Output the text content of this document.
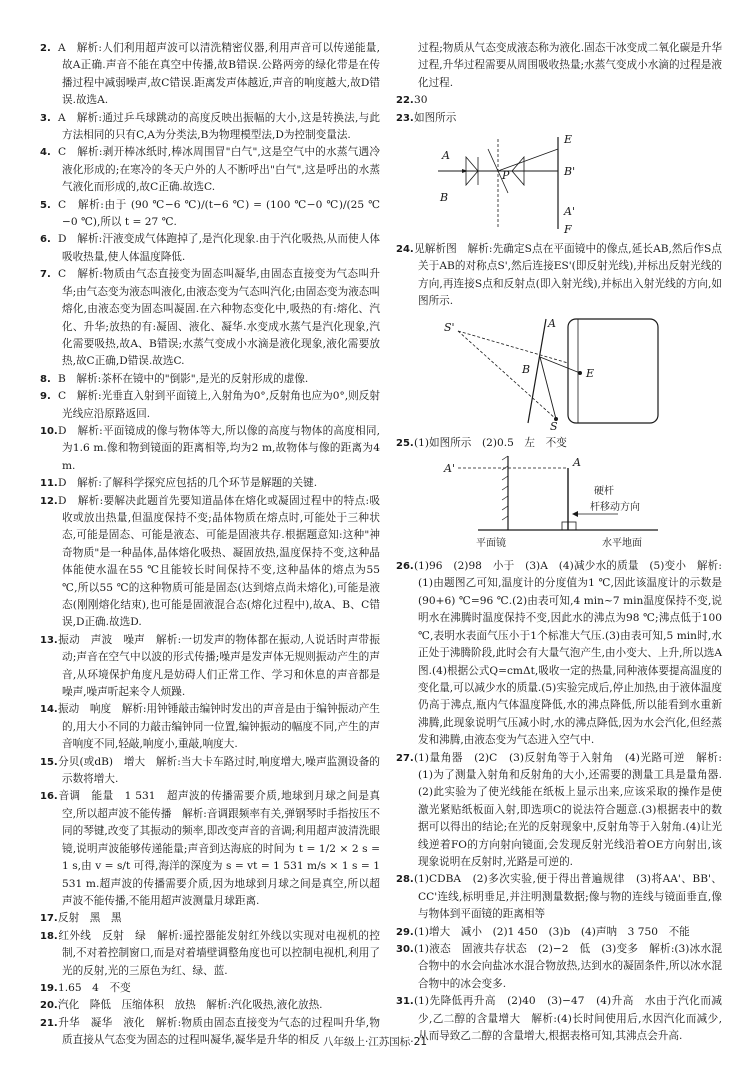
2. A　解析:人们利用超声波可以清洗精密仪器,利用声音可以传递能量,故A正确.声音不能在真空中传播,故B错误.公路两旁的绿化带是在传播过程中减弱噪声,故C错误.距离发声体越近,声音的响度越大,故D错误.故选A.

3. A　解析:通过乒乓球跳动的高度反映出振幅的大小,这是转换法,与此方法相同的只有C,A为分类法,B为物理模型法,D为控制变量法.

4. C　解析:剥开棒冰纸时,棒冰周围冒"白气",这是空气中的水蒸气遇冷液化形成的;在寒冷的冬天户外的人不断呼出"白气",这是呼出的水蒸气液化而形成的,故C正确.故选C.

5. C　解析:由于 (90 ℃−6 ℃)/(t−6 ℃) = (100 ℃−0 ℃)/(25 ℃−0 ℃),所以 t = 27 ℃.

6. D　解析:汗液变成气体跑掉了,是汽化现象.由于汽化吸热,从而使人体吸收热量,使人体温度降低.

7. C　解析:物质由气态直接变为固态叫凝华,由固态直接变为气态叫升华;由气态变为液态叫液化,由液态变为气态叫汽化;由固态变为液态叫熔化,由液态变为固态叫凝固.在六种物态变化中,吸热的有:熔化、汽化、升华;放热的有:凝固、液化、凝华.水变成水蒸气是汽化现象,汽化需要吸热,故A、B错误;水蒸气变成小水滴是液化现象,液化需要放热,故C正确,D错误.故选C.

8. B　解析:茶杯在镜中的"倒影",是光的反射形成的虚像.

9. C　解析:光垂直入射到平面镜上,入射角为0°,反射角也应为0°,则反射光线应沿原路返回.

10.D　解析:平面镜成的像与物体等大,所以像的高度与物体的高度相同,为1.6 m.像和物到镜面的距离相等,均为2 m,故物体与像的距离为4 m.

11.D　解析:了解科学探究应包括的几个环节是解题的关键.

12.D　解析:要解决此题首先要知道晶体在熔化或凝固过程中的特点:吸收或放出热量,但温度保持不变;晶体物质在熔点时,可能处于三种状态,可能是固态、可能是液态、可能是固液共存.根据题意知:这种"神奇物质"是一种晶体,晶体熔化吸热、凝固放热,温度保持不变,这种晶体能使水温在55 ℃且能较长时间保持不变,这种晶体的熔点为55 ℃,所以55 ℃的这种物质可能是固态(达到熔点尚未熔化),可能是液态(刚刚熔化结束),也可能是固液混合态(熔化过程中),故A、B、C错误,D正确.故选D.

13.振动　声波　噪声　解析:一切发声的物体都在振动,人说话时声带振动;声音在空气中以波的形式传播;噪声是发声体无规则振动产生的声音,从环境保护角度凡是妨碍人们正常工作、学习和休息的声音都是噪声,噪声听起来令人烦躁.

14.振动　响度　解析:用钟锤敲击编钟时发出的声音是由于编钟振动产生的,用大小不同的力敲击编钟同一位置,编钟振动的幅度不同,产生的声音响度不同,轻敲,响度小,重敲,响度大.

15.分贝(或dB)　增大　解析:当大卡车路过时,响度增大,噪声监测设备的示数将增大.

16.音调　能量　1 531　超声波的传播需要介质,地球到月球之间是真空,所以超声波不能传播　解析:音调跟频率有关,弹钢琴时手指按压不同的琴键,改变了其振动的频率,即改变声音的音调;利用超声波清洗眼镜,说明声波能够传递能量;声音到达海底的时间为 t = 1/2 × 2 s = 1 s,由 v = s/t 可得,海洋的深度为 s = vt = 1 531 m/s × 1 s = 1 531 m.超声波的传播需要介质,因为地球到月球之间是真空,所以超声波不能传播,不能用超声波测量月球距离.

17.反射　黑　黑

18.红外线　反射　绿　解析:遥控器能发射红外线以实现对电视机的控制,不对着控制窗口,而是对着墙壁调整角度也可以控制电视机,利用了光的反射,光的三原色为红、绿、蓝.

19.1.65　4　不变

20.汽化　降低　压缩体积　放热　解析:汽化吸热,液化放热.

21.升华　凝华　液化　解析:物质由固态直接变为气态的过程叫升华,物质直接从气态变为固态的过程叫凝华,凝华是升华的相反

过程;物质从气态变成液态称为液化.固态干冰变成二氧化碳是升华过程,升华过程需要从周围吸收热量;水蒸气变成小水滴的过程是液化过程.

22.30

23.如图所示

A
B
P
E
B'
A'
F

24.见解析图　解析:先确定S点在平面镜中的像点,延长AB,然后作S点关于AB的对称点S',然后连接ES'(即反射光线),并标出反射光线的方向,再连接S点和反射点(即入射光线),并标出入射光线的方向,如图所示.

S'	A
B	E
S

25.(1)如图所示　(2)0.5　左　不变

A'	A
硬杆
杆移动方向
平面镜	水平地面

26.(1)96　(2)98　小于　(3)A　(4)减少水的质量　(5)变小　解析:(1)由题图乙可知,温度计的分度值为1 ℃,因此该温度计的示数是(90+6) ℃=96 ℃.(2)由表可知,4 min~7 min温度保持不变,说明水在沸腾时温度保持不变,因此水的沸点为98 ℃;沸点低于100 ℃,表明水表面气压小于1个标准大气压.(3)由表可知,5 min时,水正处于沸腾阶段,此时会有大量气泡产生,由小变大、上升,所以选A图.(4)根据公式Q=cmΔt,吸收一定的热量,同种液体要提高温度的变化量,可以减少水的质量.(5)实验完成后,停止加热,由于液体温度仍高于沸点,瓶内气体温度降低,水的沸点降低,所以能看到水重新沸腾,此现象说明气压减小时,水的沸点降低,因为水会汽化,但经蒸发和沸腾,由液态变为气态进入空气中.

27.(1)量角器　(2)C　(3)反射角等于入射角　(4)光路可逆　解析:(1)为了测量入射角和反射角的大小,还需要的测量工具是量角器.(2)此实验为了使光线能在纸板上显示出来,应该采取的操作是使激光紧贴纸板面入射,即选项C的说法符合题意.(3)根据表中的数据可以得出的结论;在光的反射现象中,反射角等于入射角.(4)让光线逆着FO的方向射向镜面,会发现反射光线沿着OE方向射出,该现象说明在反射时,光路是可逆的.

28.(1)CDBA　(2)多次实验,便于得出普遍规律　(3)将AA'、BB'、CC'连线,标明垂足,并注明测量数据;像与物的连线与镜面垂直,像与物体到平面镜的距离相等

29.(1)增大　减小　(2)1 450　(3)b　(4)声呐　3 750　不能

30.(1)液态　固液共存状态　(2)−2　低　(3)变多　解析:(3)冰水混合物中的水会向盐冰水混合物放热,达到水的凝固条件,所以冰水混合物中的冰会变多.

31.(1)先降低再升高　(2)40　(3)−47　(4)升高　水由于汽化而减少,乙二醇的含量增大　解析:(4)长时间使用后,水因汽化而减少,从而导致乙二醇的含量增大,根据表格可知,其沸点会升高.

八年级上·江苏国标·21
